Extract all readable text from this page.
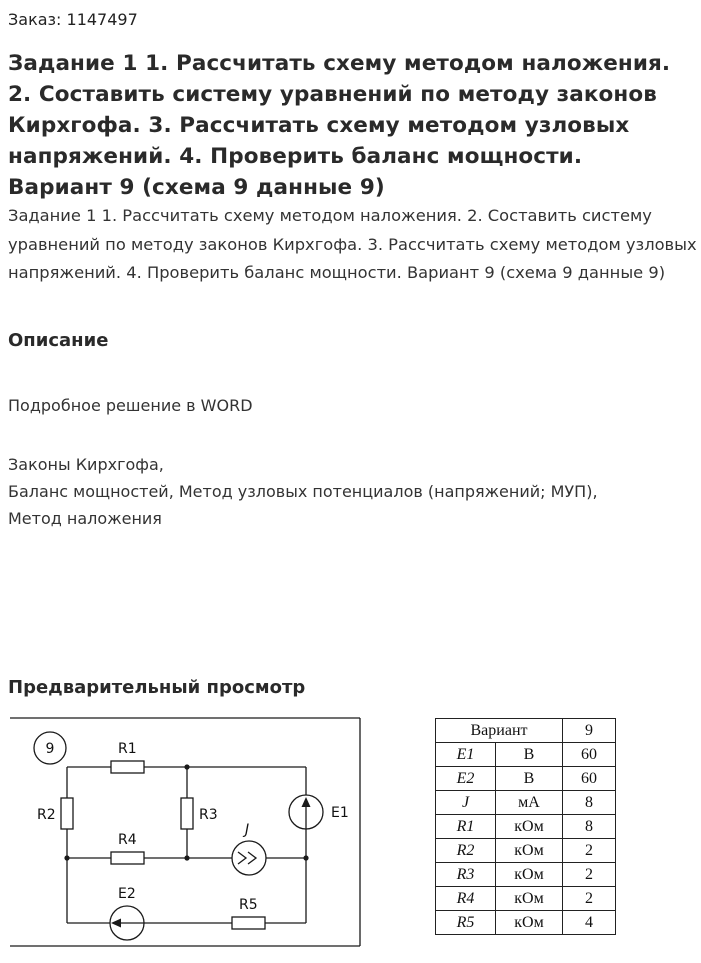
Заказ: 1147497
Задание 1 1. Рассчитать схему методом наложения. 2. Составить систему уравнений по методу законов Кирхгофа. 3. Рассчитать схему методом узловых напряжений. 4. Проверить баланс мощности. Вариант 9 (схема 9 данные 9)

Задание 1 1. Рассчитать схему методом наложения. 2. Составить систему уравнений по методу законов Кирхгофа. 3. Рассчитать схему методом узловых напряжений. 4. Проверить баланс мощности. Вариант 9 (схема 9 данные 9)

Описание
Подробное решение в WORD
Законы Кирхгофа,
Баланс мощностей, Метод узловых потенциалов (напряжений; МУП),
Метод наложения
Предварительный просмотр
9	R1
R2	R3
R4
R5
E1
E2
J
Вариант		9
E1	В	60
E2	В	60
J	мА	8
R1	кОм	8
R2	кОм	2
R3	кОм	2
R4	кОм	2
R5	кОм	4
